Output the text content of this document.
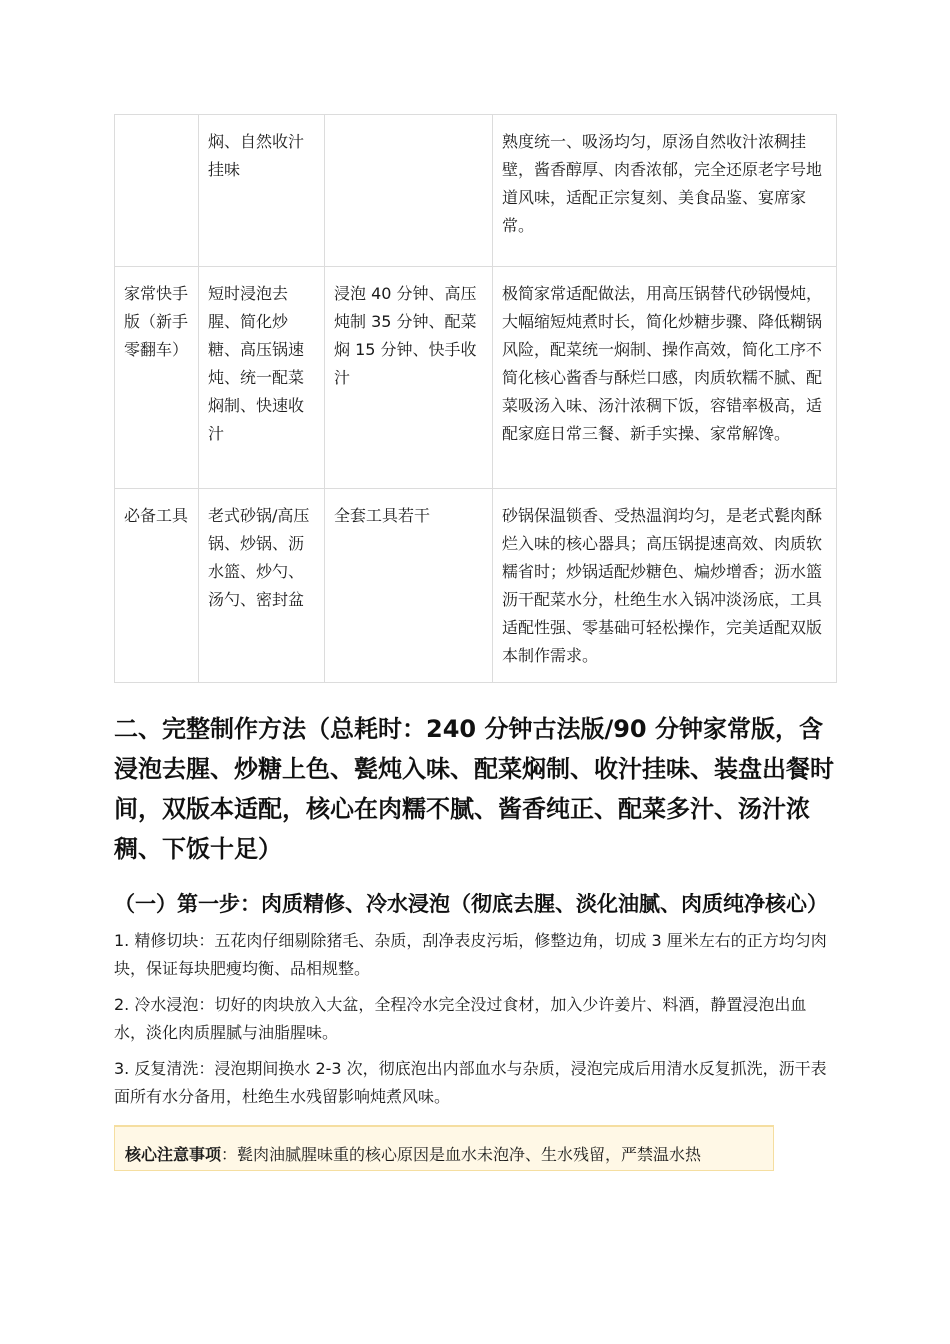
	焖、自然收汁挂味		熟度统一、吸汤均匀，原汤自然收汁浓稠挂壁，酱香醇厚、肉香浓郁，完全还原老字号地道风味，适配正宗复刻、美食品鉴、宴席家常。
家常快手版（新手零翻车）	短时浸泡去腥、简化炒糖、高压锅速炖、统一配菜焖制、快速收汁	浸泡 40 分钟、高压炖制 35 分钟、配菜焖 15 分钟、快手收汁	极简家常适配做法，用高压锅替代砂锅慢炖，大幅缩短炖煮时长，简化炒糖步骤、降低糊锅风险，配菜统一焖制、操作高效，简化工序不简化核心酱香与酥烂口感，肉质软糯不腻、配菜吸汤入味、汤汁浓稠下饭，容错率极高，适配家庭日常三餐、新手实操、家常解馋。
必备工具	老式砂锅/高压锅、炒锅、沥水篮、炒勺、汤勺、密封盆	全套工具若干	砂锅保温锁香、受热温润均匀，是老式甏肉酥烂入味的核心器具；高压锅提速高效、肉质软糯省时；炒锅适配炒糖色、煸炒增香；沥水篮沥干配菜水分，杜绝生水入锅冲淡汤底，工具适配性强、零基础可轻松操作，完美适配双版本制作需求。
二、完整制作方法（总耗时：240 分钟古法版/90 分钟家常版，含浸泡去腥、炒糖上色、甏炖入味、配菜焖制、收汁挂味、装盘出餐时间，双版本适配，核心在肉糯不腻、酱香纯正、配菜多汁、汤汁浓稠、下饭十足）
（一）第一步：肉质精修、冷水浸泡（彻底去腥、淡化油腻、肉质纯净核心）

1. 精修切块：五花肉仔细剔除猪毛、杂质，刮净表皮污垢，修整边角，切成 3 厘米左右的正方均匀肉块，保证每块肥瘦均衡、品相规整。

2. 冷水浸泡：切好的肉块放入大盆，全程冷水完全没过食材，加入少许姜片、料酒，静置浸泡出血水，淡化肉质腥腻与油脂腥味。

3. 反复清洗：浸泡期间换水 2-3 次，彻底泡出内部血水与杂质，浸泡完成后用清水反复抓洗，沥干表面所有水分备用，杜绝生水残留影响炖煮风味。

核心注意事项：甏肉油腻腥味重的核心原因是血水未泡净、生水残留，严禁温水热
